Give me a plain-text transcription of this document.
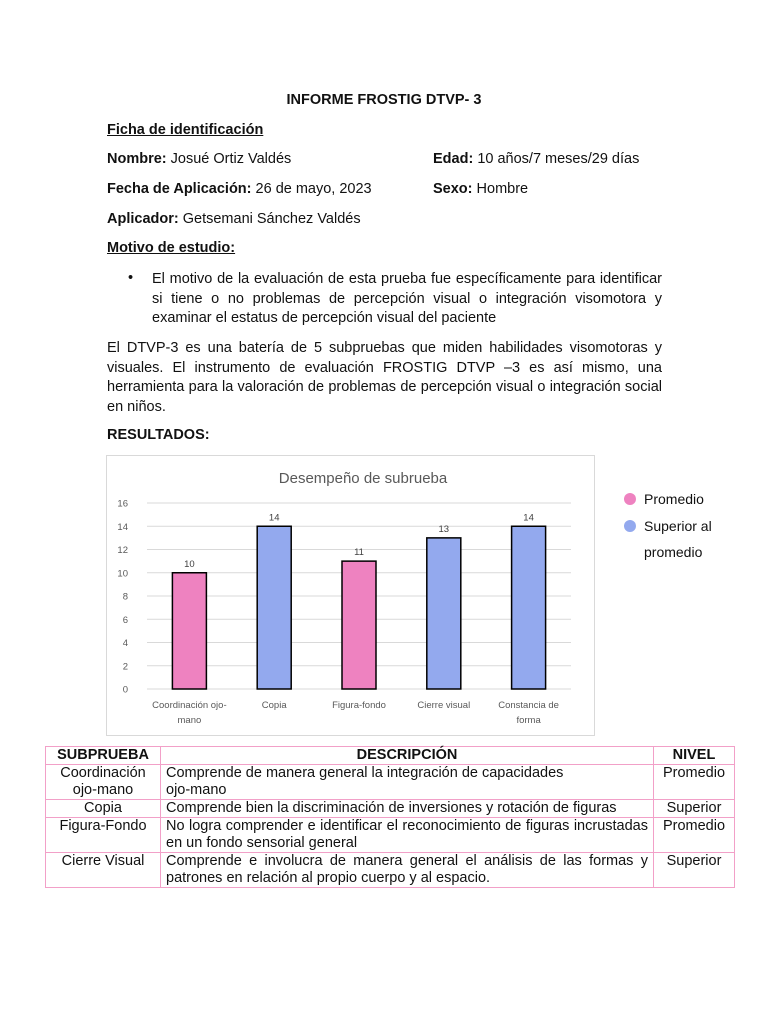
INFORME FROSTIG DTVP- 3
Ficha de identificación
Nombre: Josué Ortiz Valdés	Edad: 10 años/7 meses/29 días
Fecha de Aplicación: 26 de mayo, 2023	Sexo: Hombre
Aplicador: Getsemani Sánchez Valdés
Motivo de estudio:
• El motivo de la evaluación de esta prueba fue específicamente para identificar si tiene o no problemas de percepción visual o integración visomotora y examinar el estatus de percepción visual del paciente
El DTVP-3 es una batería de 5 subpruebas que miden habilidades visomotoras y visuales. El instrumento de evaluación FROSTIG DTVP –3 es así mismo, una herramienta para la valoración de problemas de percepción visual o integración social en niños.
RESULTADOS:
Desempeño de subrueba
0
2
4
6
8
10
12
14
16
10
Coordinación ojo-
mano
14
Copia
11
Figura-fondo
13
Cierre visual
14
Constancia de
forma
Promedio
Superior al
promedio
SUBPRUEBA	DESCRIPCIÓN	NIVEL

Coordinación ojo-mano	Comprende de manera general la integración de capacidades ojo-mano	Promedio
Copia	Comprende bien la discriminación de inversiones y rotación de figuras	Superior
Figura-Fondo	No logra comprender e identificar el reconocimiento de figuras incrustadas en un fondo sensorial general	Promedio
Cierre Visual	Comprende e involucra de manera general el análisis de las formas y patrones en relación al propio cuerpo y al espacio.	Superior
